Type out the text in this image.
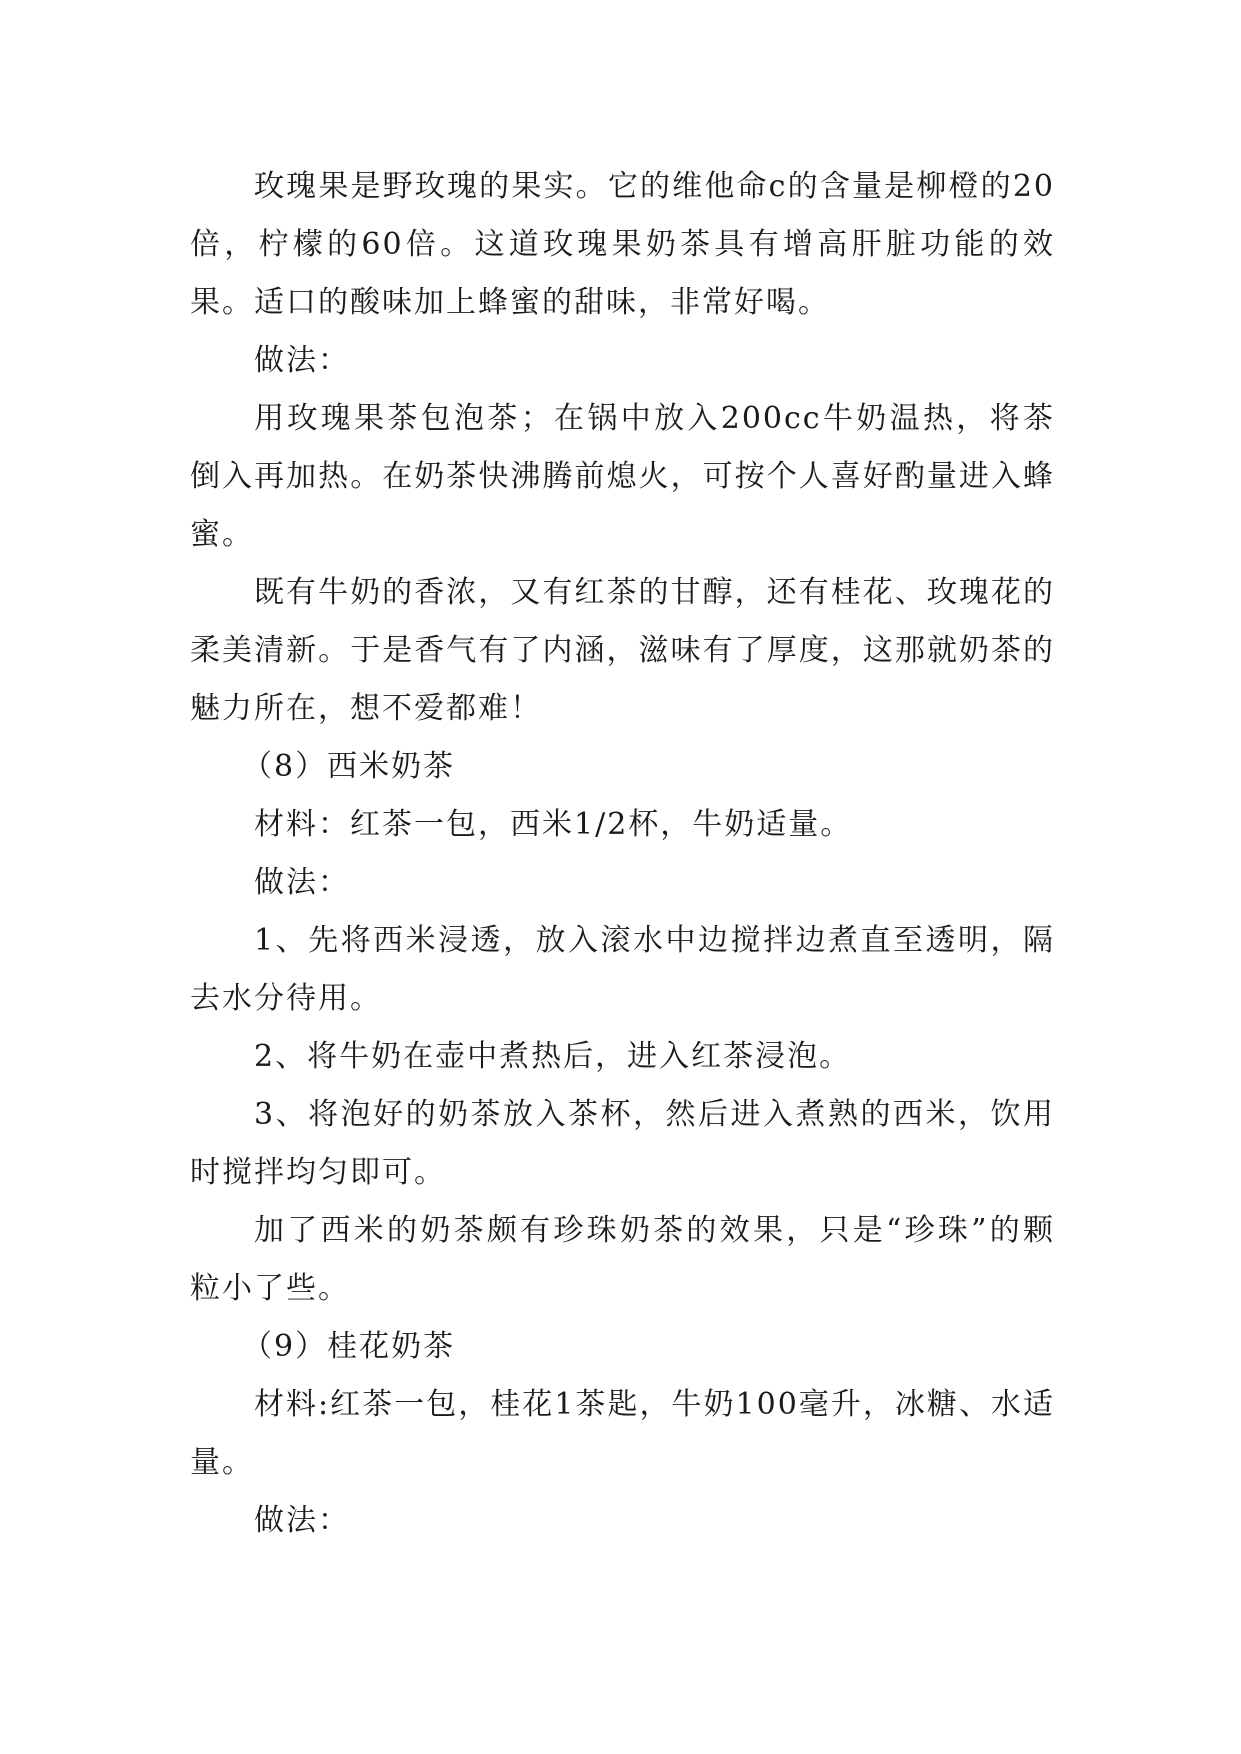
玫瑰果是野玫瑰的果实。它的维他命c的含量是柳橙的20倍，柠檬的60倍。这道玫瑰果奶茶具有增高肝脏功能的效果。适口的酸味加上蜂蜜的甜味，非常好喝。

做法：

用玫瑰果茶包泡茶；在锅中放入200cc牛奶温热，将茶倒入再加热。在奶茶快沸腾前熄火，可按个人喜好酌量进入蜂蜜。

既有牛奶的香浓，又有红茶的甘醇，还有桂花、玫瑰花的柔美清新。于是香气有了内涵，滋味有了厚度，这那就奶茶的魅力所在，想不爱都难！

（8）西米奶茶

材料：红茶一包，西米1/2杯，牛奶适量。

做法：

1、先将西米浸透，放入滚水中边搅拌边煮直至透明，隔去水分待用。

2、将牛奶在壶中煮热后，进入红茶浸泡。

3、将泡好的奶茶放入茶杯，然后进入煮熟的西米，饮用时搅拌均匀即可。

加了西米的奶茶颇有珍珠奶茶的效果，只是“珍珠”的颗粒小了些。

（9）桂花奶茶

材料:红茶一包，桂花1茶匙，牛奶100毫升，冰糖、水适量。

做法：
